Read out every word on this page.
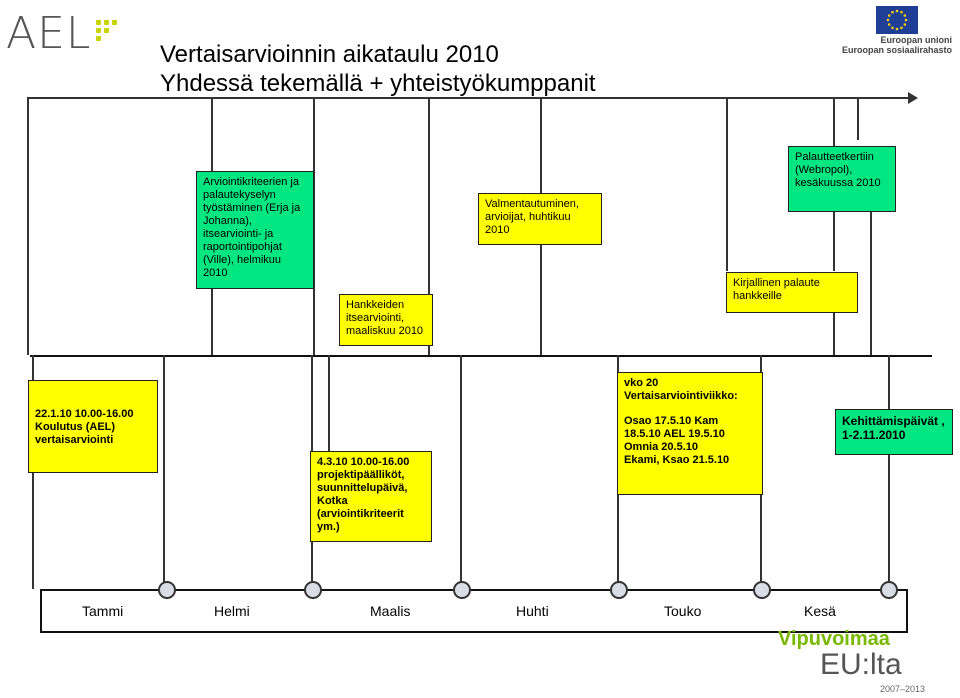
AEL	Vertaisarvioinnin aikataulu 2010
Yhdessä tekemällä + yhteistyökumppanit
Euroopan unioni
Euroopan sosiaalirahasto
Arviointikriteerien ja palautekyselyn työstäminen (Erja ja Johanna), itsearviointi- ja raportointipohjat (Ville), helmikuu 2010
Hankkeiden itsearviointi, maaliskuu 2010
Valmentautuminen, arvioijat, huhtikuu 2010
Kirjallinen palaute hankkeille
Palautteetkertiin (Webropol), kesäkuussa 2010
22.1.10 10.00-16.00 Koulutus (AEL) vertaisarviointi
4.3.10 10.00-16.00 projektipäälliköt, suunnittelupäivä, Kotka (arviointikriteerit ym.)
vko 20 Vertaisarviointiviikko:
Osao 17.5.10 Kam 18.5.10 AEL 19.5.10 Omnia 20.5.10 Ekami, Ksao 21.5.10
Kehittämispäivät , 1-2.11.2010
Tammi	Helmi	Maalis	Huhti	Touko	Kesä
Vipuvoimaa
EU:lta
2007–2013
